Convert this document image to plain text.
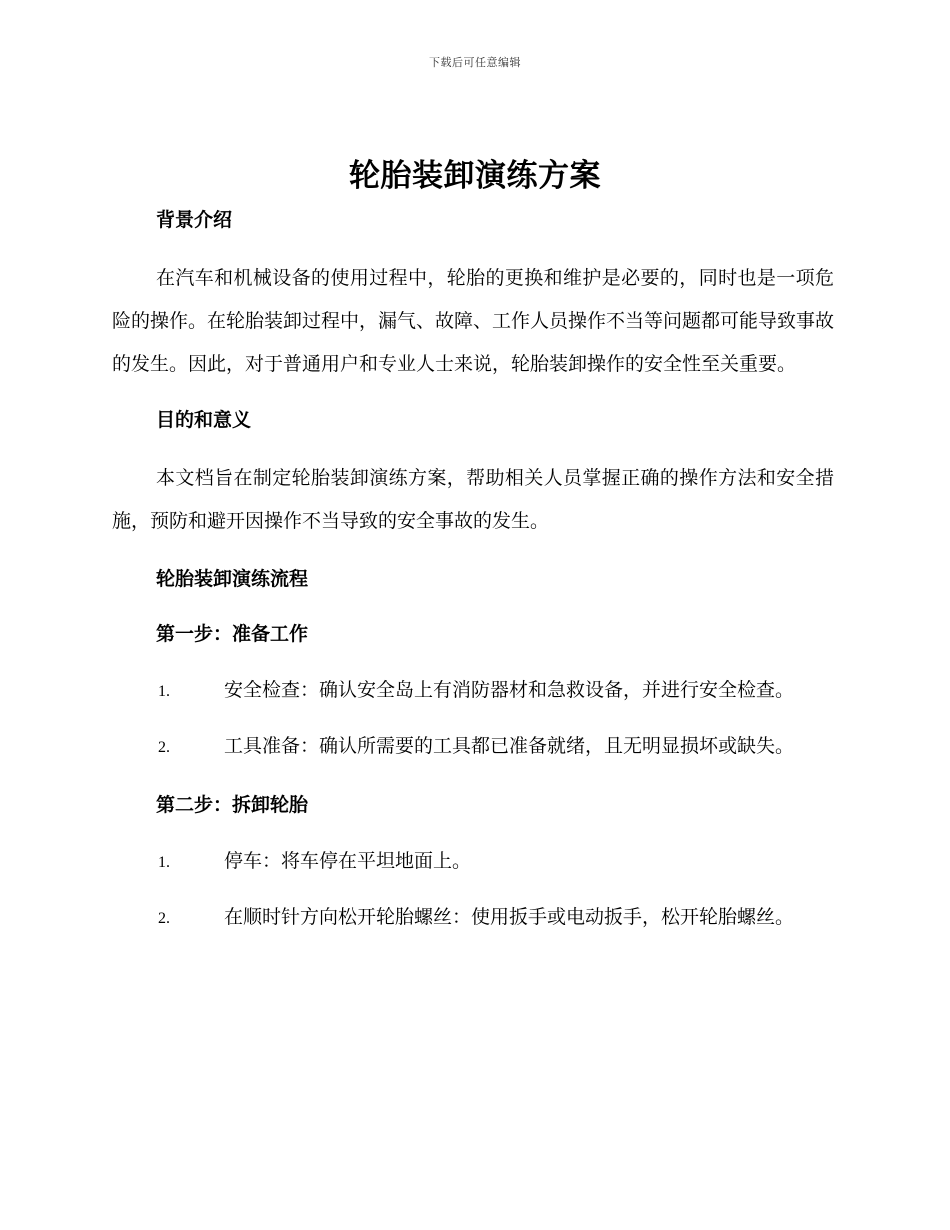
下载后可任意编辑
轮胎装卸演练方案

背景介绍

在汽车和机械设备的使用过程中，轮胎的更换和维护是必要的，同时也是一项危险的操作。在轮胎装卸过程中，漏气、故障、工作人员操作不当等问题都可能导致事故的发生。因此，对于普通用户和专业人士来说，轮胎装卸操作的安全性至关重要。

目的和意义

本文档旨在制定轮胎装卸演练方案，帮助相关人员掌握正确的操作方法和安全措施，预防和避开因操作不当导致的安全事故的发生。

轮胎装卸演练流程

第一步：准备工作

1.	安全检查：确认安全岛上有消防器材和急救设备，并进行安全检查。

2.	工具准备：确认所需要的工具都已准备就绪，且无明显损坏或缺失。

第二步：拆卸轮胎

1.	停车：将车停在平坦地面上。

2.	在顺时针方向松开轮胎螺丝：使用扳手或电动扳手，松开轮胎螺丝。
